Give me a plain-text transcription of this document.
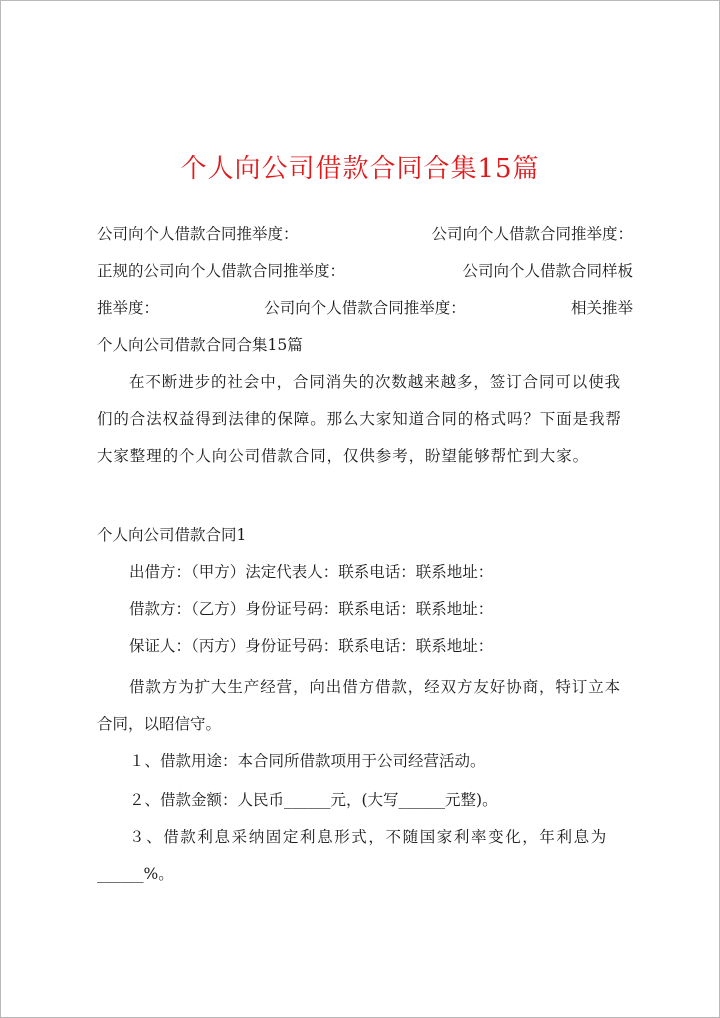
个人向公司借款合同合集15篇
公司向个人借款合同推举度：	公司向个人借款合同推举度：
正规的公司向个人借款合同推举度：	公司向个人借款合同样板
推举度：	公司向个人借款合同推举度：	相关推举
个人向公司借款合同合集15篇
在不断进步的社会中，合同消失的次数越来越多，签订合同可以使我
们的合法权益得到法律的保障。那么大家知道合同的格式吗？下面是我帮
大家整理的个人向公司借款合同，仅供参考，盼望能够帮忙到大家。
个人向公司借款合同1
出借方：（甲方）法定代表人：联系电话：联系地址：
借款方：（乙方）身份证号码：联系电话：联系地址：
保证人：（丙方）身份证号码：联系电话：联系地址：
借款方为扩大生产经营，向出借方借款，经双方友好协商，特订立本
合同，以昭信守。
１、借款用途：本合同所借款项用于公司经营活动。
２、借款金额：人民币______元，(大写______元整)。
３、借款利息采纳固定利息形式，不随国家利率变化，年利息为
______%。
